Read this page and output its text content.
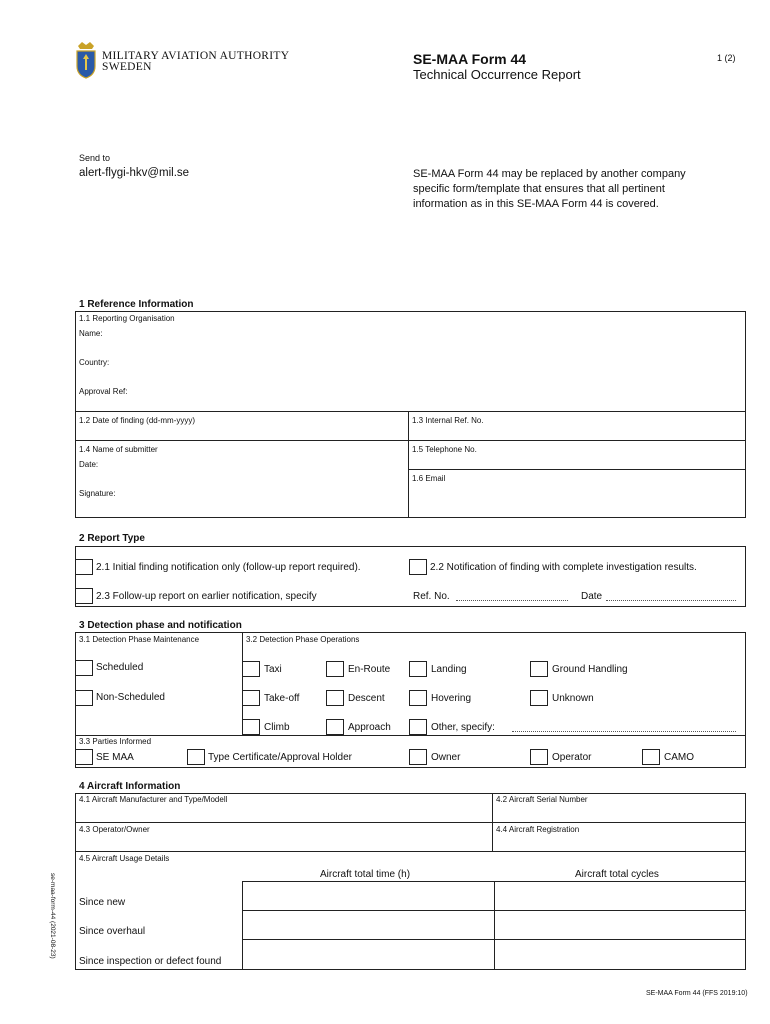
MILITARY AVIATION AUTHORITY
SWEDEN	SE-MAA Form 44
Technical Occurrence Report
1 (2)
Send to
alert-flygi-hkv@mil.se	SE-MAA Form 44 may be replaced by another company
specific form/template that ensures that all pertinent
information as in this SE-MAA Form 44 is covered.
1 Reference Information
1.1 Reporting Organisation
Name:
Country:
Approval Ref:
1.2 Date of finding (dd-mm-yyyy)	1.3 Internal Ref. No.
1.4 Name of submitter
Date:
Signature:
1.5 Telephone No.
1.6 Email
2 Report Type
2.1 Initial finding notification only (follow-up report required).	2.2 Notification of finding with complete investigation results.
2.3 Follow-up report on earlier notification, specify	Ref. No.	Date
3 Detection phase and notification
3.1 Detection Phase Maintenance	3.2 Detection Phase Operations
Scheduled
Non-Scheduled
Taxi
Take-off
Climb
En-Route
Descent
Approach
Landing
Hovering
Other, specify:
Ground Handling
Unknown
3.3 Parties Informed
SE MAA	Type Certificate/Approval Holder	Owner	Operator	CAMO
4 Aircraft Information
4.1 Aircraft Manufacturer and Type/Modell	4.2 Aircraft Serial Number
4.3 Operator/Owner	4.4 Aircraft Registration
4.5 Aircraft Usage Details
Aircraft total time (h)	Aircraft total cycles
Since new
Since overhaul
Since inspection or defect found
se-maa-form-44 (2021-08-23)
SE-MAA Form 44 (FFS 2019:10)
